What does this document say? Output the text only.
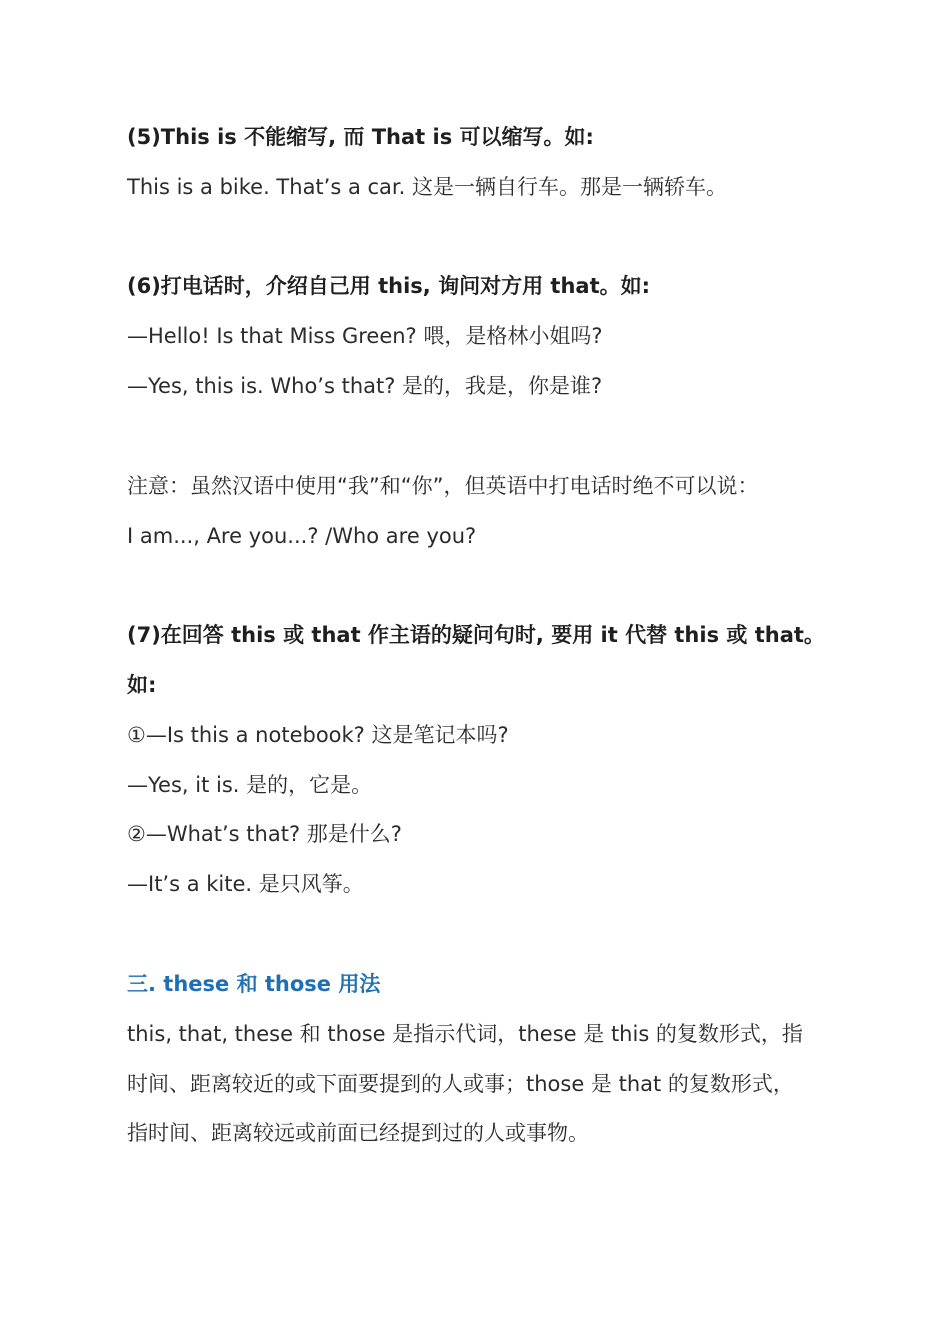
(5)This is 不能缩写, 而 That is 可以缩写。如:
This is a bike. That’s a car. 这是一辆自行车。那是一辆轿车。
(6)打电话时，介绍自己用 this, 询问对方用 that。如:
—Hello! Is that Miss Green? 喂，是格林小姐吗?
—Yes, this is. Who’s that? 是的，我是，你是谁?
注意：虽然汉语中使用“我”和“你”，但英语中打电话时绝不可以说：
I am..., Are you...? /Who are you?
(7)在回答 this 或 that 作主语的疑问句时, 要用 it 代替 this 或 that。
如:
①—Is this a notebook? 这是笔记本吗?
—Yes, it is. 是的，它是。
②—What’s that? 那是什么?
—It’s a kite. 是只风筝。
三. these 和 those 用法
this, that, these 和 those 是指示代词，these 是 this 的复数形式，指
时间、距离较近的或下面要提到的人或事；those 是 that 的复数形式，
指时间、距离较远或前面已经提到过的人或事物。
